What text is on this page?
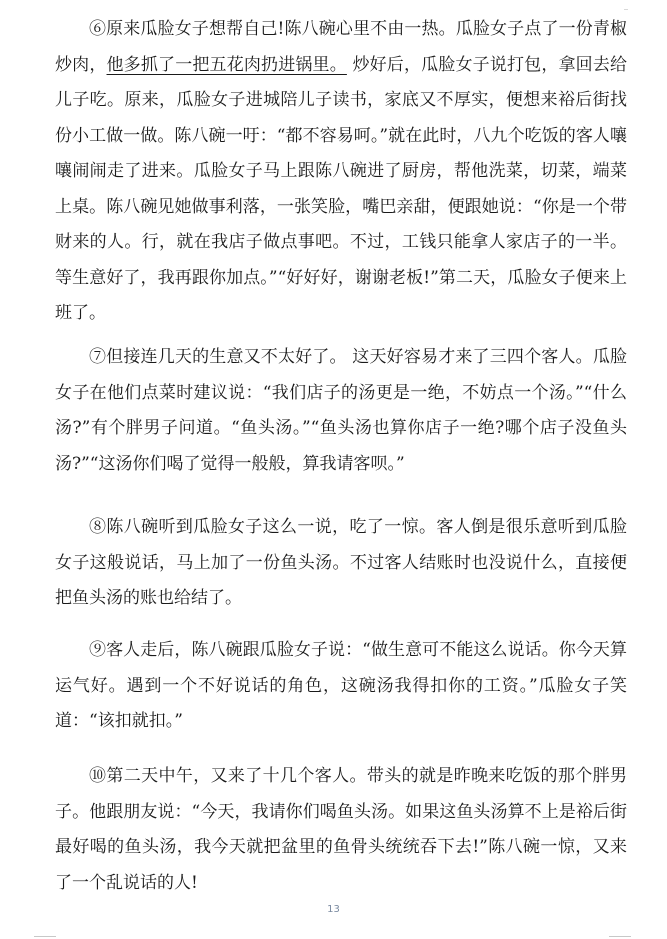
⑥原来瓜脸女子想帮自己!陈八碗心里不由一热。瓜脸女子点了一份青椒炒肉，他多抓了一把五花肉扔进锅里。 炒好后，瓜脸女子说打包，拿回去给儿子吃。原来，瓜脸女子进城陪儿子读书，家底又不厚实，便想来裕后街找份小工做一做。陈八碗一吁：“都不容易呵。”就在此时，八九个吃饭的客人嚷嚷闹闹走了进来。瓜脸女子马上跟陈八碗进了厨房，帮他洗菜，切菜，端菜上桌。陈八碗见她做事利落，一张笑脸，嘴巴亲甜，便跟她说：“你是一个带财来的人。行，就在我店子做点事吧。不过，工钱只能拿人家店子的一半。等生意好了，我再跟你加点。”“好好好，谢谢老板!”第二天，瓜脸女子便来上班了。

⑦但接连几天的生意又不太好了。 这天好容易才来了三四个客人。瓜脸女子在他们点菜时建议说：“我们店子的汤更是一绝，不妨点一个汤。”“什么汤?”有个胖男子问道。“鱼头汤。”“鱼头汤也算你店子一绝?哪个店子没鱼头汤?”“这汤你们喝了觉得一般般，算我请客呗。”

⑧陈八碗听到瓜脸女子这么一说，吃了一惊。客人倒是很乐意听到瓜脸女子这般说话，马上加了一份鱼头汤。不过客人结账时也没说什么，直接便把鱼头汤的账也给结了。

⑨客人走后，陈八碗跟瓜脸女子说：“做生意可不能这么说话。你今天算运气好。遇到一个不好说话的角色，这碗汤我得扣你的工资。”瓜脸女子笑道：“该扣就扣。”

⑩第二天中午，又来了十几个客人。带头的就是昨晚来吃饭的那个胖男子。他跟朋友说：“今天，我请你们喝鱼头汤。如果这鱼头汤算不上是裕后街最好喝的鱼头汤，我今天就把盆里的鱼骨头统统吞下去!”陈八碗一惊，又来了一个乱说话的人!

13
